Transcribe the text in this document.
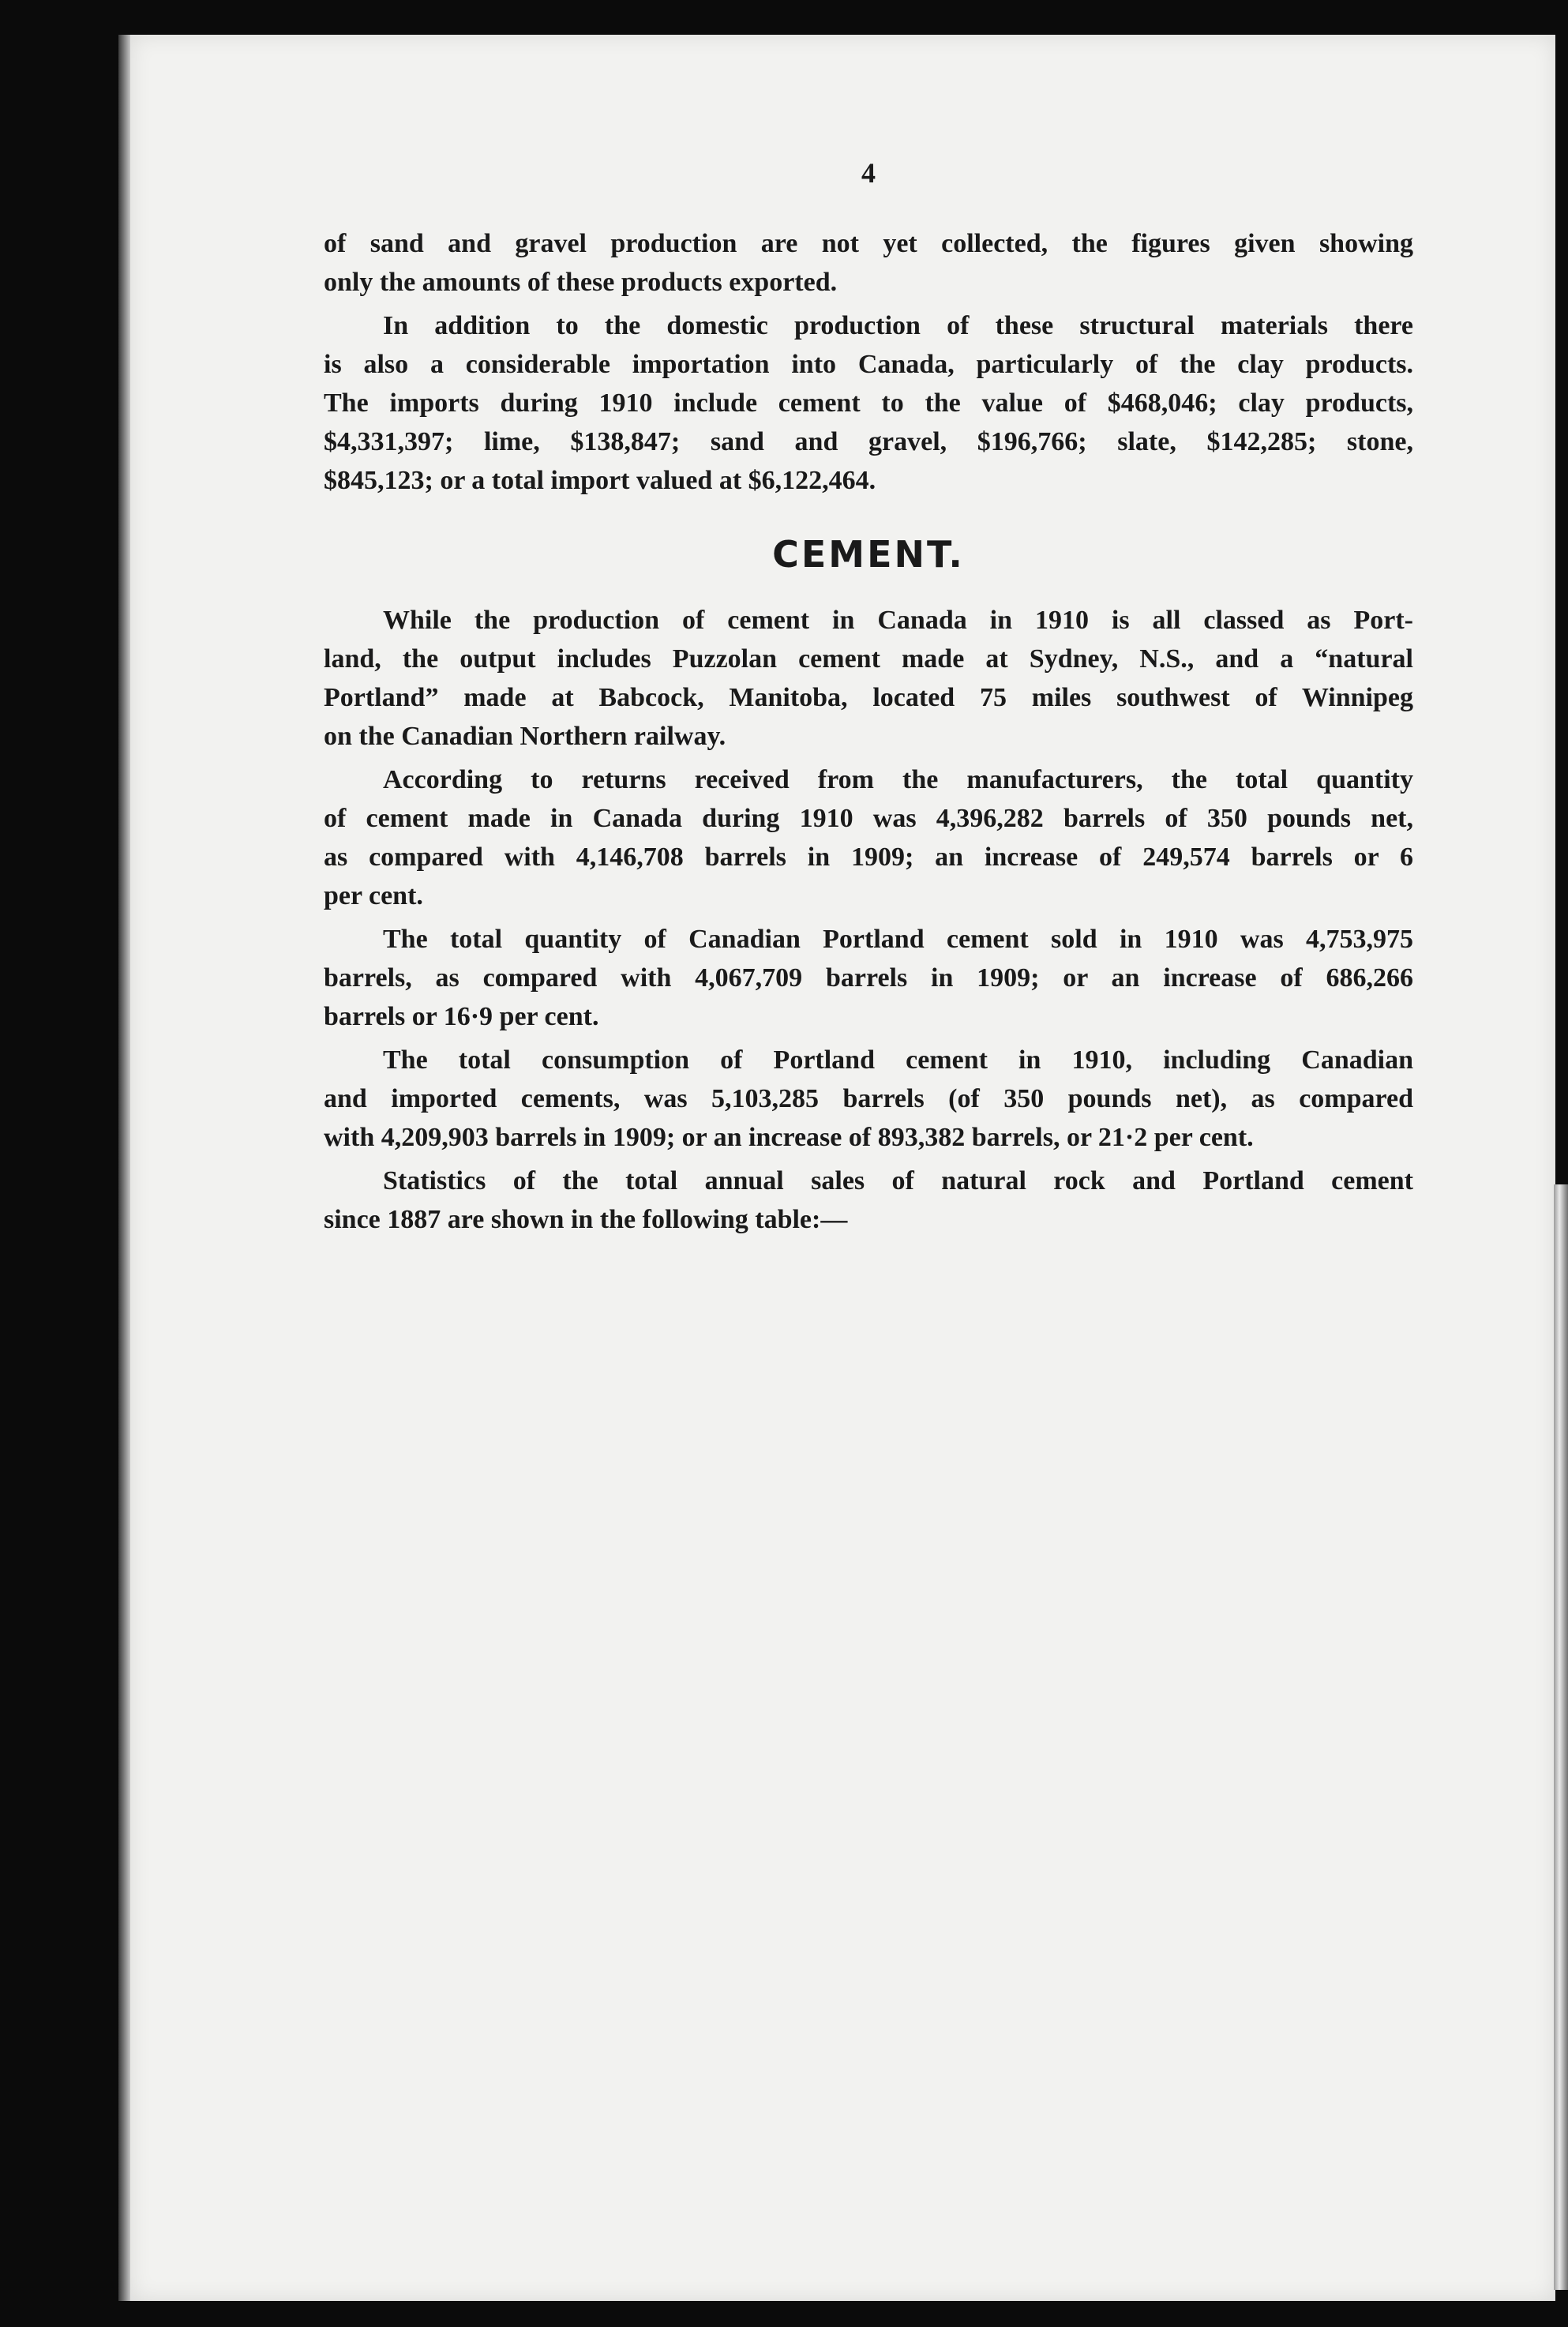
4
of sand and gravel production are not yet collected, the figures given showing
only the amounts of these products exported.
In addition to the domestic production of these structural materials there
is also a considerable importation into Canada, particularly of the clay products.
The imports during 1910 include cement to the value of $468,046; clay products,
$4,331,397; lime, $138,847; sand and gravel, $196,766; slate, $142,285; stone,
$845,123; or a total import valued at $6,122,464.
CEMENT.
While the production of cement in Canada in 1910 is all classed as Port-
land, the output includes Puzzolan cement made at Sydney, N.S., and a “natural
Portland” made at Babcock, Manitoba, located 75 miles southwest of Winnipeg
on the Canadian Northern railway.
According to returns received from the manufacturers, the total quantity
of cement made in Canada during 1910 was 4,396,282 barrels of 350 pounds net,
as compared with 4,146,708 barrels in 1909; an increase of 249,574 barrels or 6
per cent.
The total quantity of Canadian Portland cement sold in 1910 was 4,753,975
barrels, as compared with 4,067,709 barrels in 1909; or an increase of 686,266
barrels or 16·9 per cent.
The total consumption of Portland cement in 1910, including Canadian
and imported cements, was 5,103,285 barrels (of 350 pounds net), as compared
with 4,209,903 barrels in 1909; or an increase of 893,382 barrels, or 21·2 per cent.
Statistics of the total annual sales of natural rock and Portland cement
since 1887 are shown in the following table:—
